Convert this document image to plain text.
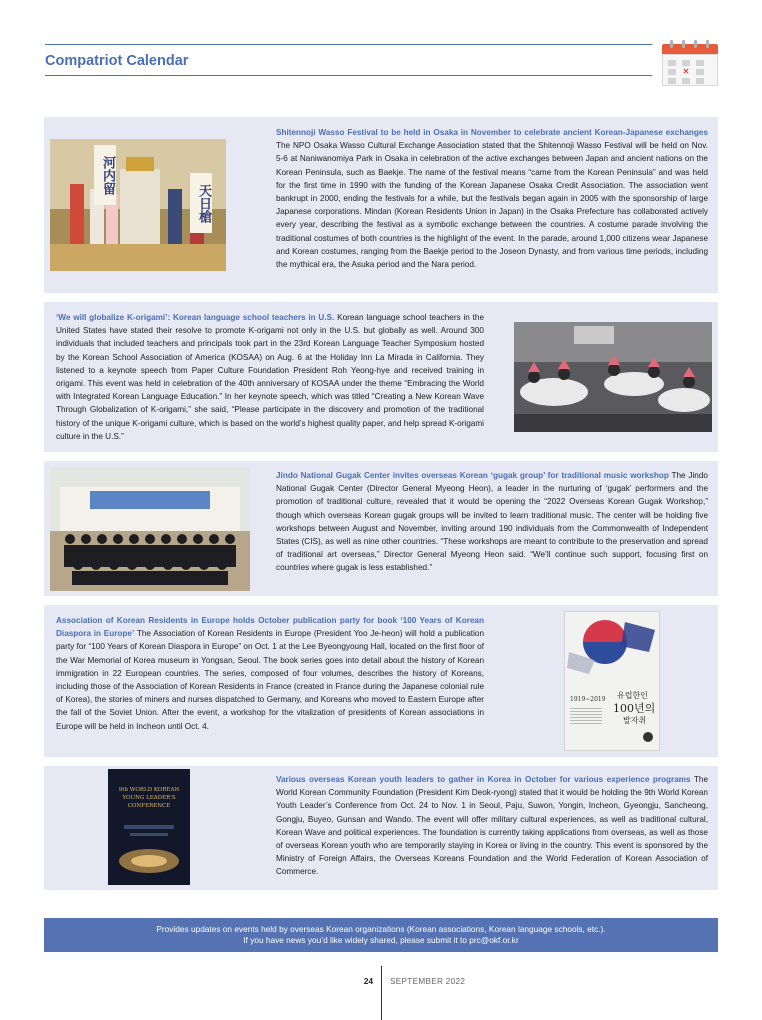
Compatriot Calendar
✕
河内留
天日槍
Shitennoji Wasso Festival to be held in Osaka in November to celebrate ancient Korean-Japanese exchanges The NPO Osaka Wasso Cultural Exchange Association stated that the Shitennoji Wasso Festival will be held on Nov. 5-6 at Naniwanomiya Park in Osaka in celebration of the active exchanges between Japan and ancient nations on the Korean Peninsula, such as Baekje. The name of the festival means “came from the Korean Peninsula” and was held for the first time in 1990 with the funding of the Korean Japanese Osaka Credit Association. The association went bankrupt in 2000, ending the festivals for a while, but the festivals began again in 2005 with the sponsorship of large Japanese corporations. Mindan (Korean Residents Union in Japan) in the Osaka Prefecture has collaborated actively every year, describing the festival as a symbolic exchange between the countries. A costume parade involving the traditional costumes of both countries is the highlight of the event. In the parade, around 1,000 citizens wear Japanese and Korean costumes, ranging from the Baekje period to the Joseon Dynasty, and from various time periods, including the mythical era, the Asuka period and the Nara period.
‘We will globalize K-origami’: Korean language school teachers in U.S. Korean language school teachers in the United States have stated their resolve to promote K-origami not only in the U.S. but globally as well. Around 300 individuals that included teachers and principals took part in the 23rd Korean Language Teacher Symposium hosted by the Korean School Association of America (KOSAA) on Aug. 6 at the Holiday Inn La Mirada in California. They listened to a keynote speech from Paper Culture Foundation President Roh Yeong-hye and received training in origami. This event was held in celebration of the 40th anniversary of KOSAA under the theme “Embracing the World with Integrated Korean Language Education.” In her keynote speech, which was titled “Creating a New Korean Wave Through Globalization of K-origami,” she said, “Please participate in the discovery and promotion of the traditional history of the unique K-origami culture, which is based on the world’s highest quality paper, and help spread K-origami culture in the U.S.”
Jindo National Gugak Center invites overseas Korean ‘gugak group’ for traditional music workshop The Jindo National Gugak Center (Director General Myeong Heon), a leader in the nurturing of ‘gugak’ performers and the promotion of traditional culture, revealed that it would be opening the “2022 Overseas Korean Gugak Workshop,” though which overseas Korean gugak groups will be invited to learn traditional music. The center will be holding five workshops between August and November, inviting around 190 individuals from the Commonwealth of Independent States (CIS), as well as nine other countries. “These workshops are meant to contribute to the preservation and spread of traditional art overseas,” Director General Myeong Heon said. “We’ll continue such support, focusing first on countries where gugak is less established.”
Association of Korean Residents in Europe holds October publication party for book ‘100 Years of Korean Diaspora in Europe’ The Association of Korean Residents in Europe (President Yoo Je-heon) will hold a publication party for “100 Years of Korean Diaspora in Europe” on Oct. 1 at the Lee Byeongyoung Hall, located on the first floor of the War Memorial of Korea museum in Yongsan, Seoul. The book series goes into detail about the history of Korean immigration in 22 European countries. The series, composed of four volumes, describes the history of Koreans, including those of the Association of Korean Residents in France (created in France during the Japanese colonial rule of Korea), the stories of miners and nurses dispatched to Germany, and Koreans who moved to Eastern Europe after the fall of the Soviet Union. After the event, a workshop for the vitalization of presidents of Korean associations in Europe will be held in Incheon until Oct. 4.
1919~2019 유럽한인
100년의
발자취
9th WORLD KOREAN
YOUNG LEADER'S
CONFERENCE
Various overseas Korean youth leaders to gather in Korea in October for various experience programs The World Korean Community Foundation (President Kim Deok-ryong) stated that it would be holding the 9th World Korean Youth Leader’s Conference from Oct. 24 to Nov. 1 in Seoul, Paju, Suwon, Yongin, Incheon, Gyeongju, Sancheong, Gongju, Buyeo, Gunsan and Wando. The event will offer military cultural experiences, as well as traditional cultural, Korean Wave and political experiences. The foundation is currently taking applications from overseas, as well as those of overseas Korean youth who are temporarily staying in Korea or living in the country. This event is sponsored by the Ministry of Foreign Affairs, the Overseas Koreans Foundation and the World Federation of Korean Association of Commerce.
Provides updates on events held by overseas Korean organizations (Korean associations, Korean language schools, etc.).
If you have news you’d like widely shared, please submit it to prc@okf.or.kr
24 SEPTEMBER 2022
